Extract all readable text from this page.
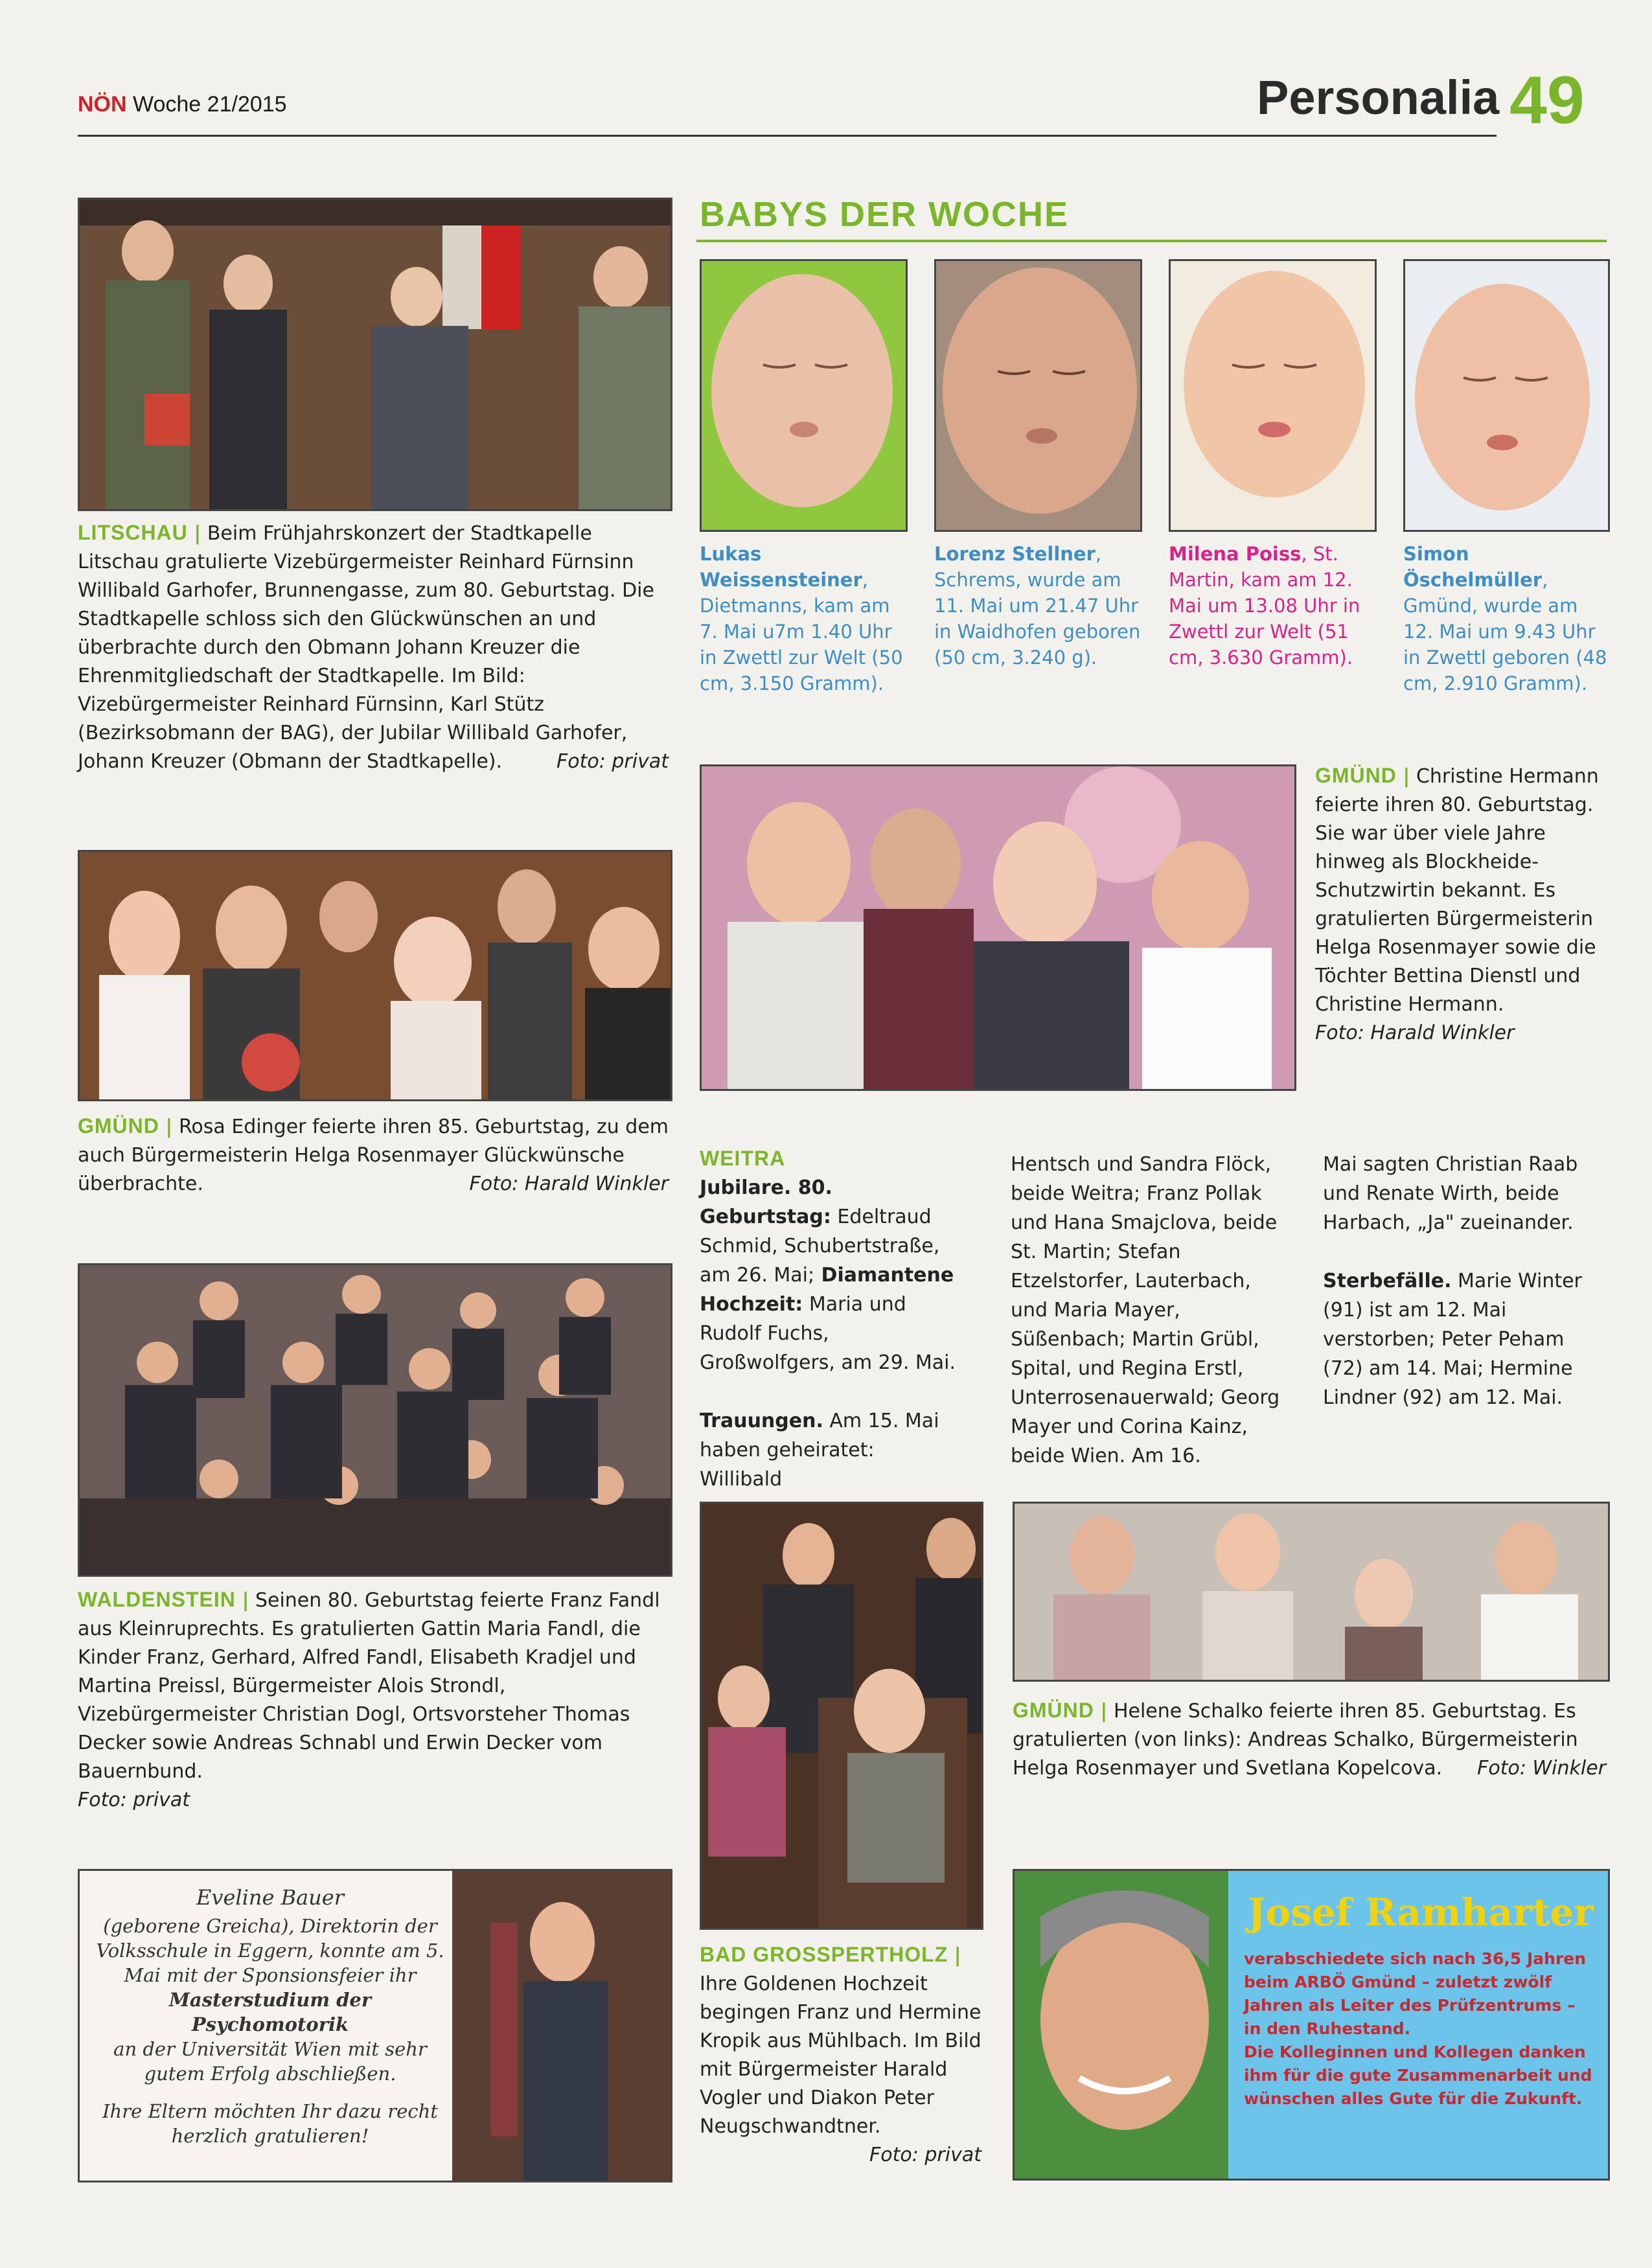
NÖN Woche 21/2015	Personalia 49
LITSCHAU | Beim Frühjahrskonzert der Stadtkapelle Litschau gratulierte Vizebürgermeister Reinhard Fürnsinn Willibald Garhofer, Brunnengasse, zum 80. Geburtstag. Die Stadtkapelle schloss sich den Glückwünschen an und überbrachte durch den Obmann Johann Kreuzer die Ehrenmitgliedschaft der Stadtkapelle. Im Bild: Vizebürgermeister Reinhard Fürnsinn, Karl Stütz (Bezirksobmann der BAG), der Jubilar Willibald Garhofer, Johann Kreuzer (Obmann der Stadtkapelle).	Foto: privat
BABYS DER WOCHE
Lukas Weissensteiner, Dietmanns, kam am 7. Mai u7m 1.40 Uhr in Zwettl zur Welt (50 cm, 3.150 Gramm).
Lorenz Stellner, Schrems, wurde am 11. Mai um 21.47 Uhr in Waidhofen geboren (50 cm, 3.240 g).
Milena Poiss, St. Martin, kam am 12. Mai um 13.08 Uhr in Zwettl zur Welt (51 cm, 3.630 Gramm).
Simon Öschelmüller, Gmünd, wurde am 12. Mai um 9.43 Uhr in Zwettl geboren (48 cm, 2.910 Gramm).
GMÜND | Christine Hermann feierte ihren 80. Geburtstag. Sie war über viele Jahre hinweg als Blockheide-Schutzwirtin bekannt. Es gratulierten Bürgermeisterin Helga Rosenmayer sowie die Töchter Bettina Dienstl und Christine Hermann.
Foto: Harald Winkler
GMÜND | Rosa Edinger feierte ihren 85. Geburtstag, zu dem auch Bürgermeisterin Helga Rosenmayer Glückwünsche überbrachte.	Foto: Harald Winkler
WEITRA
Jubilare. 80. Geburtstag: Edeltraud Schmid, Schubertstraße, am 26. Mai; Diamantene Hochzeit: Maria und Rudolf Fuchs, Großwolfgers, am 29. Mai.
Trauungen. Am 15. Mai haben geheiratet: Willibald
Hentsch und Sandra Flöck, beide Weitra; Franz Pollak und Hana Smajclova, beide St. Martin; Stefan Etzelstorfer, Lauterbach, und Maria Mayer, Süßenbach; Martin Grübl, Spital, und Regina Erstl, Unterrosenauerwald; Georg Mayer und Corina Kainz, beide Wien. Am 16.
Mai sagten Christian Raab und Renate Wirth, beide Harbach, „Ja" zueinander.
Sterbefälle. Marie Winter (91) ist am 12. Mai verstorben; Peter Peham (72) am 14. Mai; Hermine Lindner (92) am 12. Mai.
WALDENSTEIN | Seinen 80. Geburtstag feierte Franz Fandl aus Kleinruprechts. Es gratulierten Gattin Maria Fandl, die Kinder Franz, Gerhard, Alfred Fandl, Elisabeth Kradjel und Martina Preissl, Bürgermeister Alois Strondl, Vizebürgermeister Christian Dogl, Ortsvorsteher Thomas Decker sowie Andreas Schnabl und Erwin Decker vom Bauernbund.
Foto: privat
BAD GROSSPERTHOLZ | Ihre Goldenen Hochzeit begingen Franz und Hermine Kropik aus Mühlbach. Im Bild mit Bürgermeister Harald Vogler und Diakon Peter Neugschwandtner.
Foto: privat
GMÜND | Helene Schalko feierte ihren 85. Geburtstag. Es gratulierten (von links): Andreas Schalko, Bürgermeisterin Helga Rosenmayer und Svetlana Kopelcova. Foto: Winkler
Eveline Bauer
(geborene Greicha), Direktorin der Volksschule in Eggern, konnte am 5. Mai mit der Sponsionsfeier ihr
Masterstudium der Psychomotorik
an der Universität Wien mit sehr gutem Erfolg abschließen.
Ihre Eltern möchten Ihr dazu recht herzlich gratulieren!
Josef Ramharter
verabschiedete sich nach 36,5 Jahren beim ARBÖ Gmünd – zuletzt zwölf Jahren als Leiter des Prüfzentrums – in den Ruhestand.
Die Kolleginnen und Kollegen danken ihm für die gute Zusammenarbeit und wünschen alles Gute für die Zukunft.
